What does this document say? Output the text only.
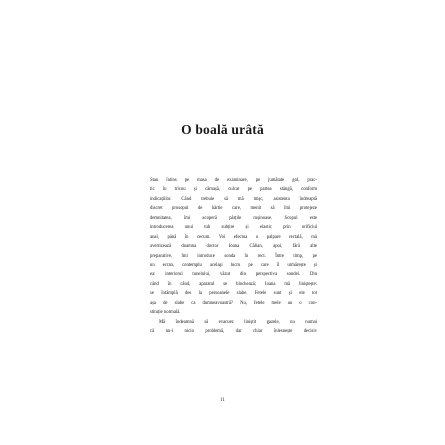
O boală urâtă
Stau întins pe masa de examinare, pe jumătate gol, prac-
tic în tricou și cămașă, culcat pe partea stângă, conform
indicațiilor. Când trebuie să mă mișc, asistenta îndreaptă
discret prosopul de hârtie care, menit să îmi protejeze
demnitatea, îmi acoperă părțile rușinoase. Scopul este
introducerea unui tub subțire și elastic prin orificiul
anal, până în cecum. Voi efectua o palpare rectală, mă
avertizează doamna doctor Ioana Călian, apoi, fără alte
preparative, îmi introduce sonda în rect. Între timp, pe
un ecran, contemplu acelaşi lucru pe care îl urmărește și
ea: interiorul tunelului, văzut din perspectiva sondei. Din
când în când, aparatul se blochează; Ioana mă liniștește:
se întâmplă des la persoanele slabe. Fetele sunt și ele tot
așa de slabe ca dumneavoastră? Nu, fetele mele au o con-
stituție normală.
Mă îndeamnă să evacuez liniștit gazele, nu numai
că nu-i nicio problemă, dar chiar înlesnește decisiv
11
